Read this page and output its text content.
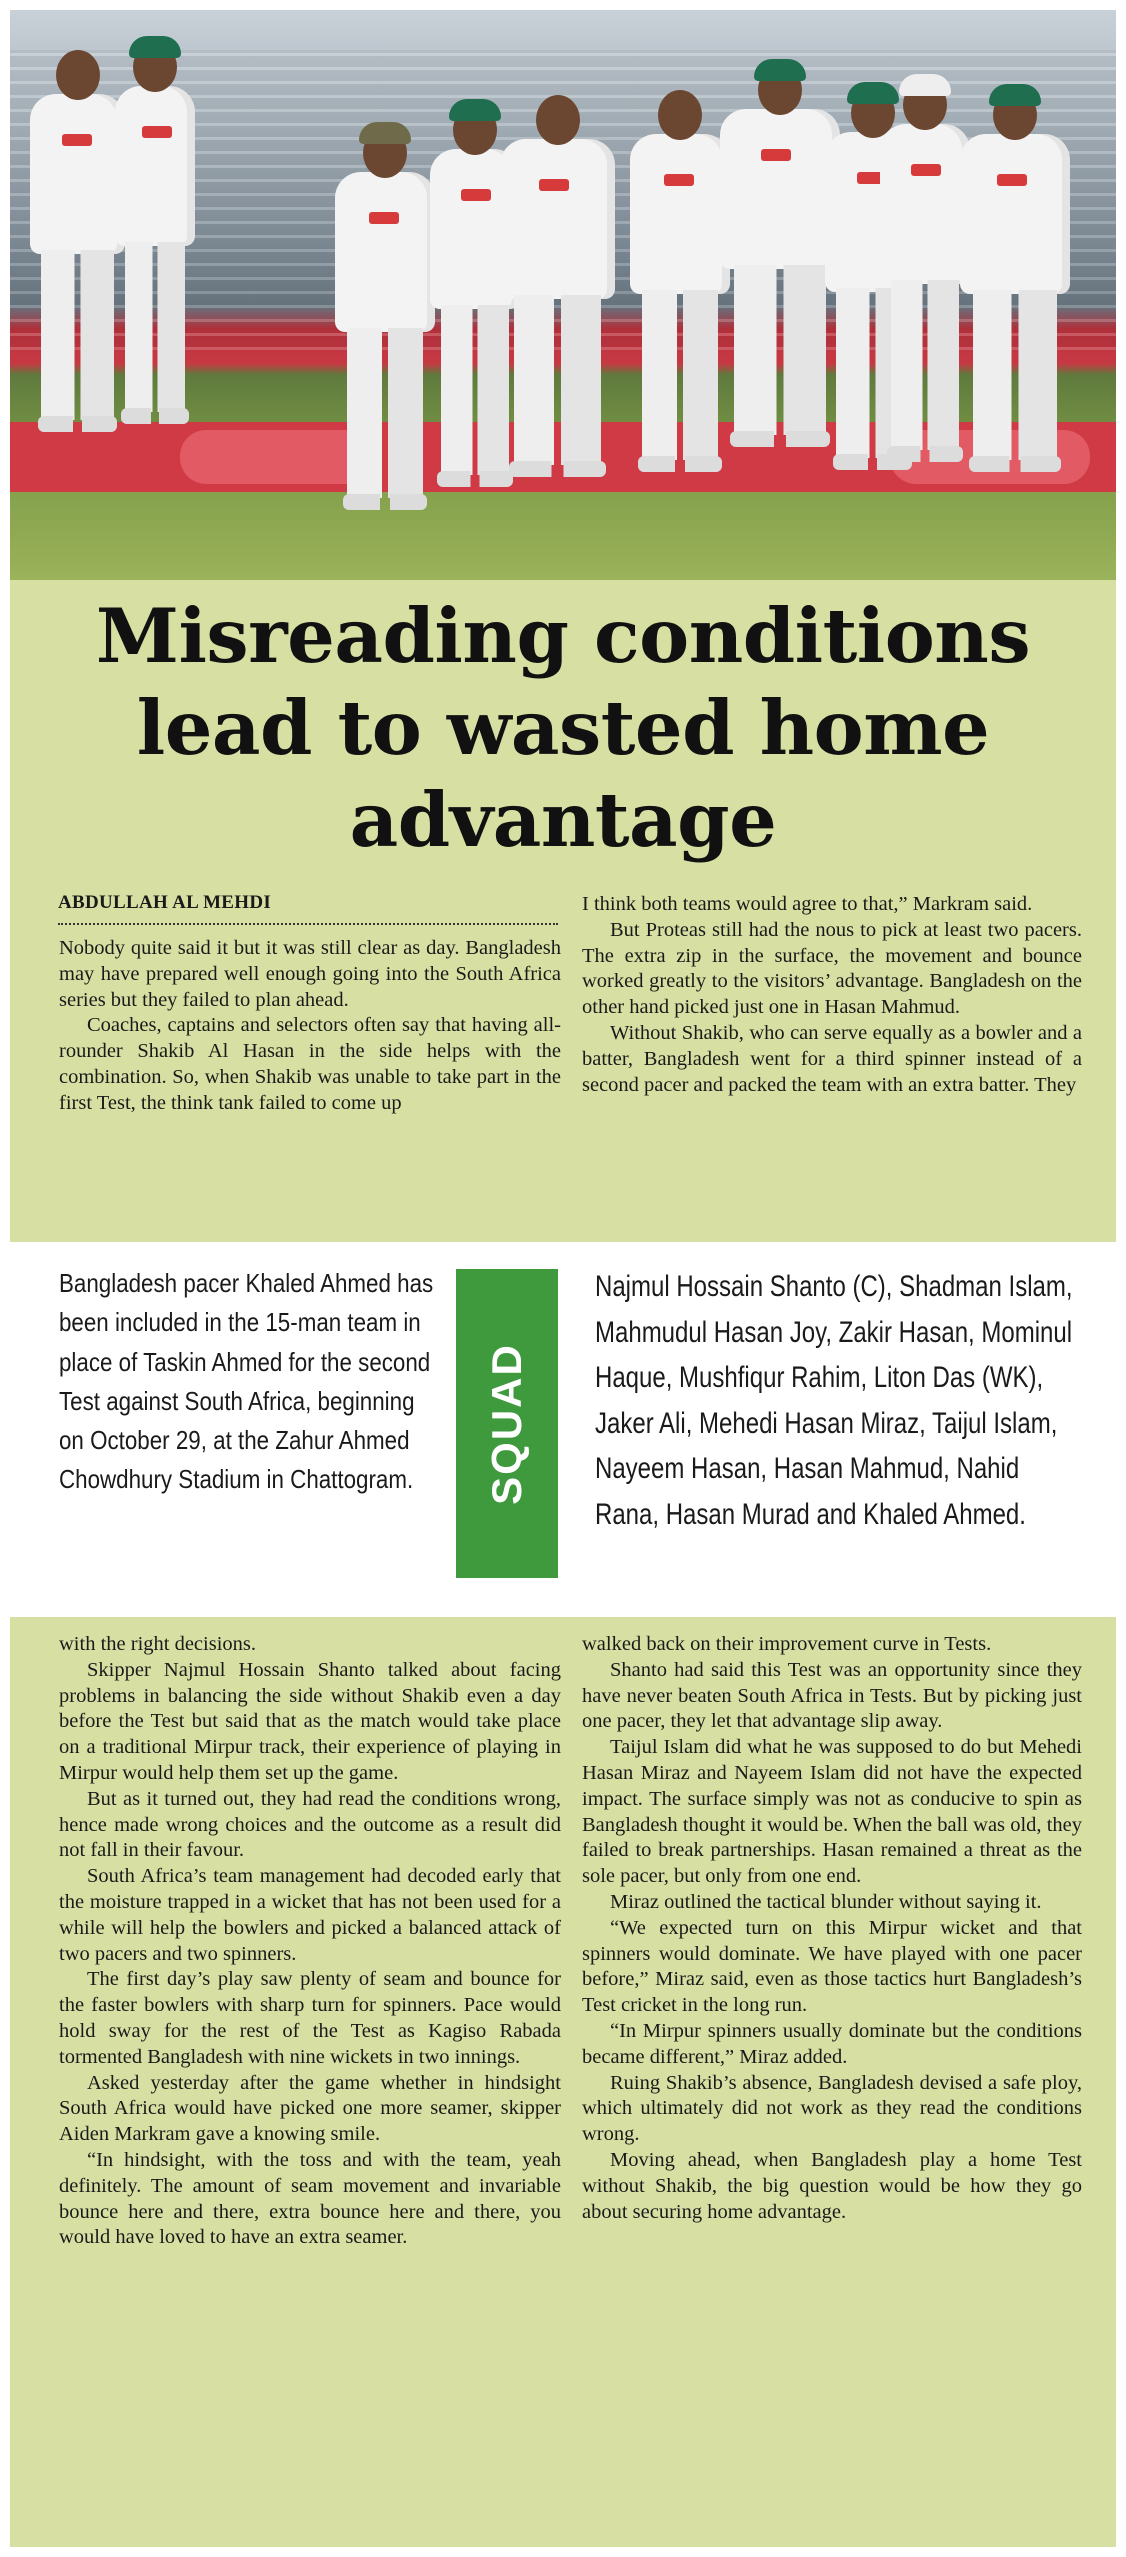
Misreading conditions
lead to wasted home
advantage
ABDULLAH AL MEHDI

Nobody quite said it but it was still clear as day. Bangladesh may have prepared well enough going into the South Africa series but they failed to plan ahead.

Coaches, captains and selectors often say that having all-rounder Shakib Al Hasan in the side helps with the combination. So, when Shakib was unable to take part in the first Test, the think tank failed to come up

I think both teams would agree to that,” Markram said.

But Proteas still had the nous to pick at least two pacers. The extra zip in the surface, the movement and bounce worked greatly to the visitors’ advantage. Bangladesh on the other hand picked just one in Hasan Mahmud.

Without Shakib, who can serve equally as a bowler and a batter, Bangladesh went for a third spinner instead of a second pacer and packed the team with an extra batter. They

Bangladesh pacer Khaled Ahmed has been included in the 15-man team in place of Taskin Ahmed for the second Test against South Africa, beginning on October 29, at the Zahur Ahmed Chowdhury Stadium in Chattogram.	SQUAD
Najmul Hossain Shanto (C), Shadman Islam, Mahmudul Hasan Joy, Zakir Hasan, Mominul Haque, Mushfiqur Rahim, Liton Das (WK), Jaker Ali, Mehedi Hasan Miraz, Taijul Islam, Nayeem Hasan, Hasan Mahmud, Nahid Rana, Hasan Murad and Khaled Ahmed.

with the right decisions.

Skipper Najmul Hossain Shanto talked about facing problems in balancing the side without Shakib even a day before the Test but said that as the match would take place on a traditional Mirpur track, their experience of playing in Mirpur would help them set up the game.

But as it turned out, they had read the conditions wrong, hence made wrong choices and the outcome as a result did not fall in their favour.

South Africa’s team management had decoded early that the moisture trapped in a wicket that has not been used for a while will help the bowlers and picked a balanced attack of two pacers and two spinners.

The first day’s play saw plenty of seam and bounce for the faster bowlers with sharp turn for spinners. Pace would hold sway for the rest of the Test as Kagiso Rabada tormented Bangladesh with nine wickets in two innings.

Asked yesterday after the game whether in hindsight South Africa would have picked one more seamer, skipper Aiden Markram gave a knowing smile.

“In hindsight, with the toss and with the team, yeah definitely. The amount of seam movement and invariable bounce here and there, extra bounce here and there, you would have loved to have an extra seamer.

walked back on their improvement curve in Tests.

Shanto had said this Test was an opportunity since they have never beaten South Africa in Tests. But by picking just one pacer, they let that advantage slip away.

Taijul Islam did what he was supposed to do but Mehedi Hasan Miraz and Nayeem Islam did not have the expected impact. The surface simply was not as conducive to spin as Bangladesh thought it would be. When the ball was old, they failed to break partnerships. Hasan remained a threat as the sole pacer, but only from one end.

Miraz outlined the tactical blunder without saying it.

“We expected turn on this Mirpur wicket and that spinners would dominate. We have played with one pacer before,” Miraz said, even as those tactics hurt Bangladesh’s Test cricket in the long run.

“In Mirpur spinners usually dominate but the conditions became different,” Miraz added.

Ruing Shakib’s absence, Bangladesh devised a safe ploy, which ultimately did not work as they read the conditions wrong.

Moving ahead, when Bangladesh play a home Test without Shakib, the big question would be how they go about securing home advantage.
